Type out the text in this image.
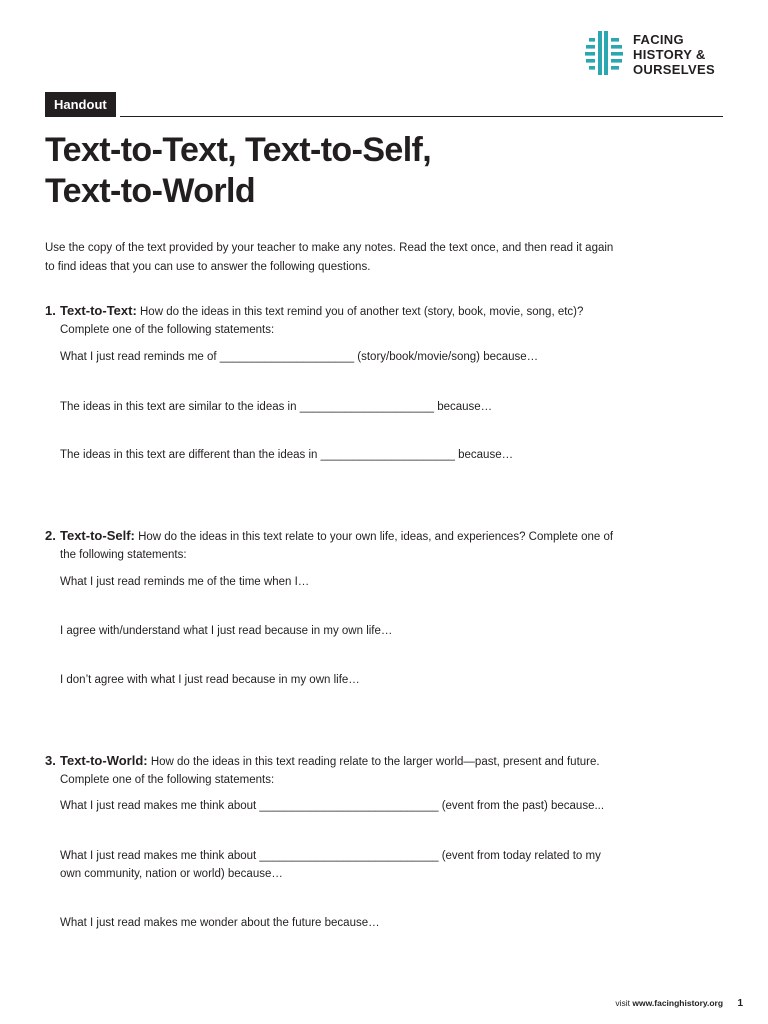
FACING
HISTORY &
OURSELVES
Handout
Text-to-Text, Text-to-Self,
Text-to-World

Use the copy of the text provided by your teacher to make any notes. Read the text once, and then read it again to find ideas that you can use to answer the following questions.

1. Text-to-Text: How do the ideas in this text remind you of another text (story, book, movie, song, etc)? Complete one of the following statements:

What I just read reminds me of _____________________ (story/book/movie/song) because…

The ideas in this text are similar to the ideas in _____________________ because…

The ideas in this text are different than the ideas in _____________________ because…

2. Text-to-Self: How do the ideas in this text relate to your own life, ideas, and experiences? Complete one of the following statements:

What I just read reminds me of the time when I…

I agree with/understand what I just read because in my own life…

I don’t agree with what I just read because in my own life…

3. Text-to-World: How do the ideas in this text reading relate to the larger world—past, present and future. Complete one of the following statements:

What I just read makes me think about ____________________________ (event from the past) because...

What I just read makes me think about ____________________________ (event from today related to my own community, nation or world) because…

What I just read makes me wonder about the future because…

visit www.facinghistory.org 1
